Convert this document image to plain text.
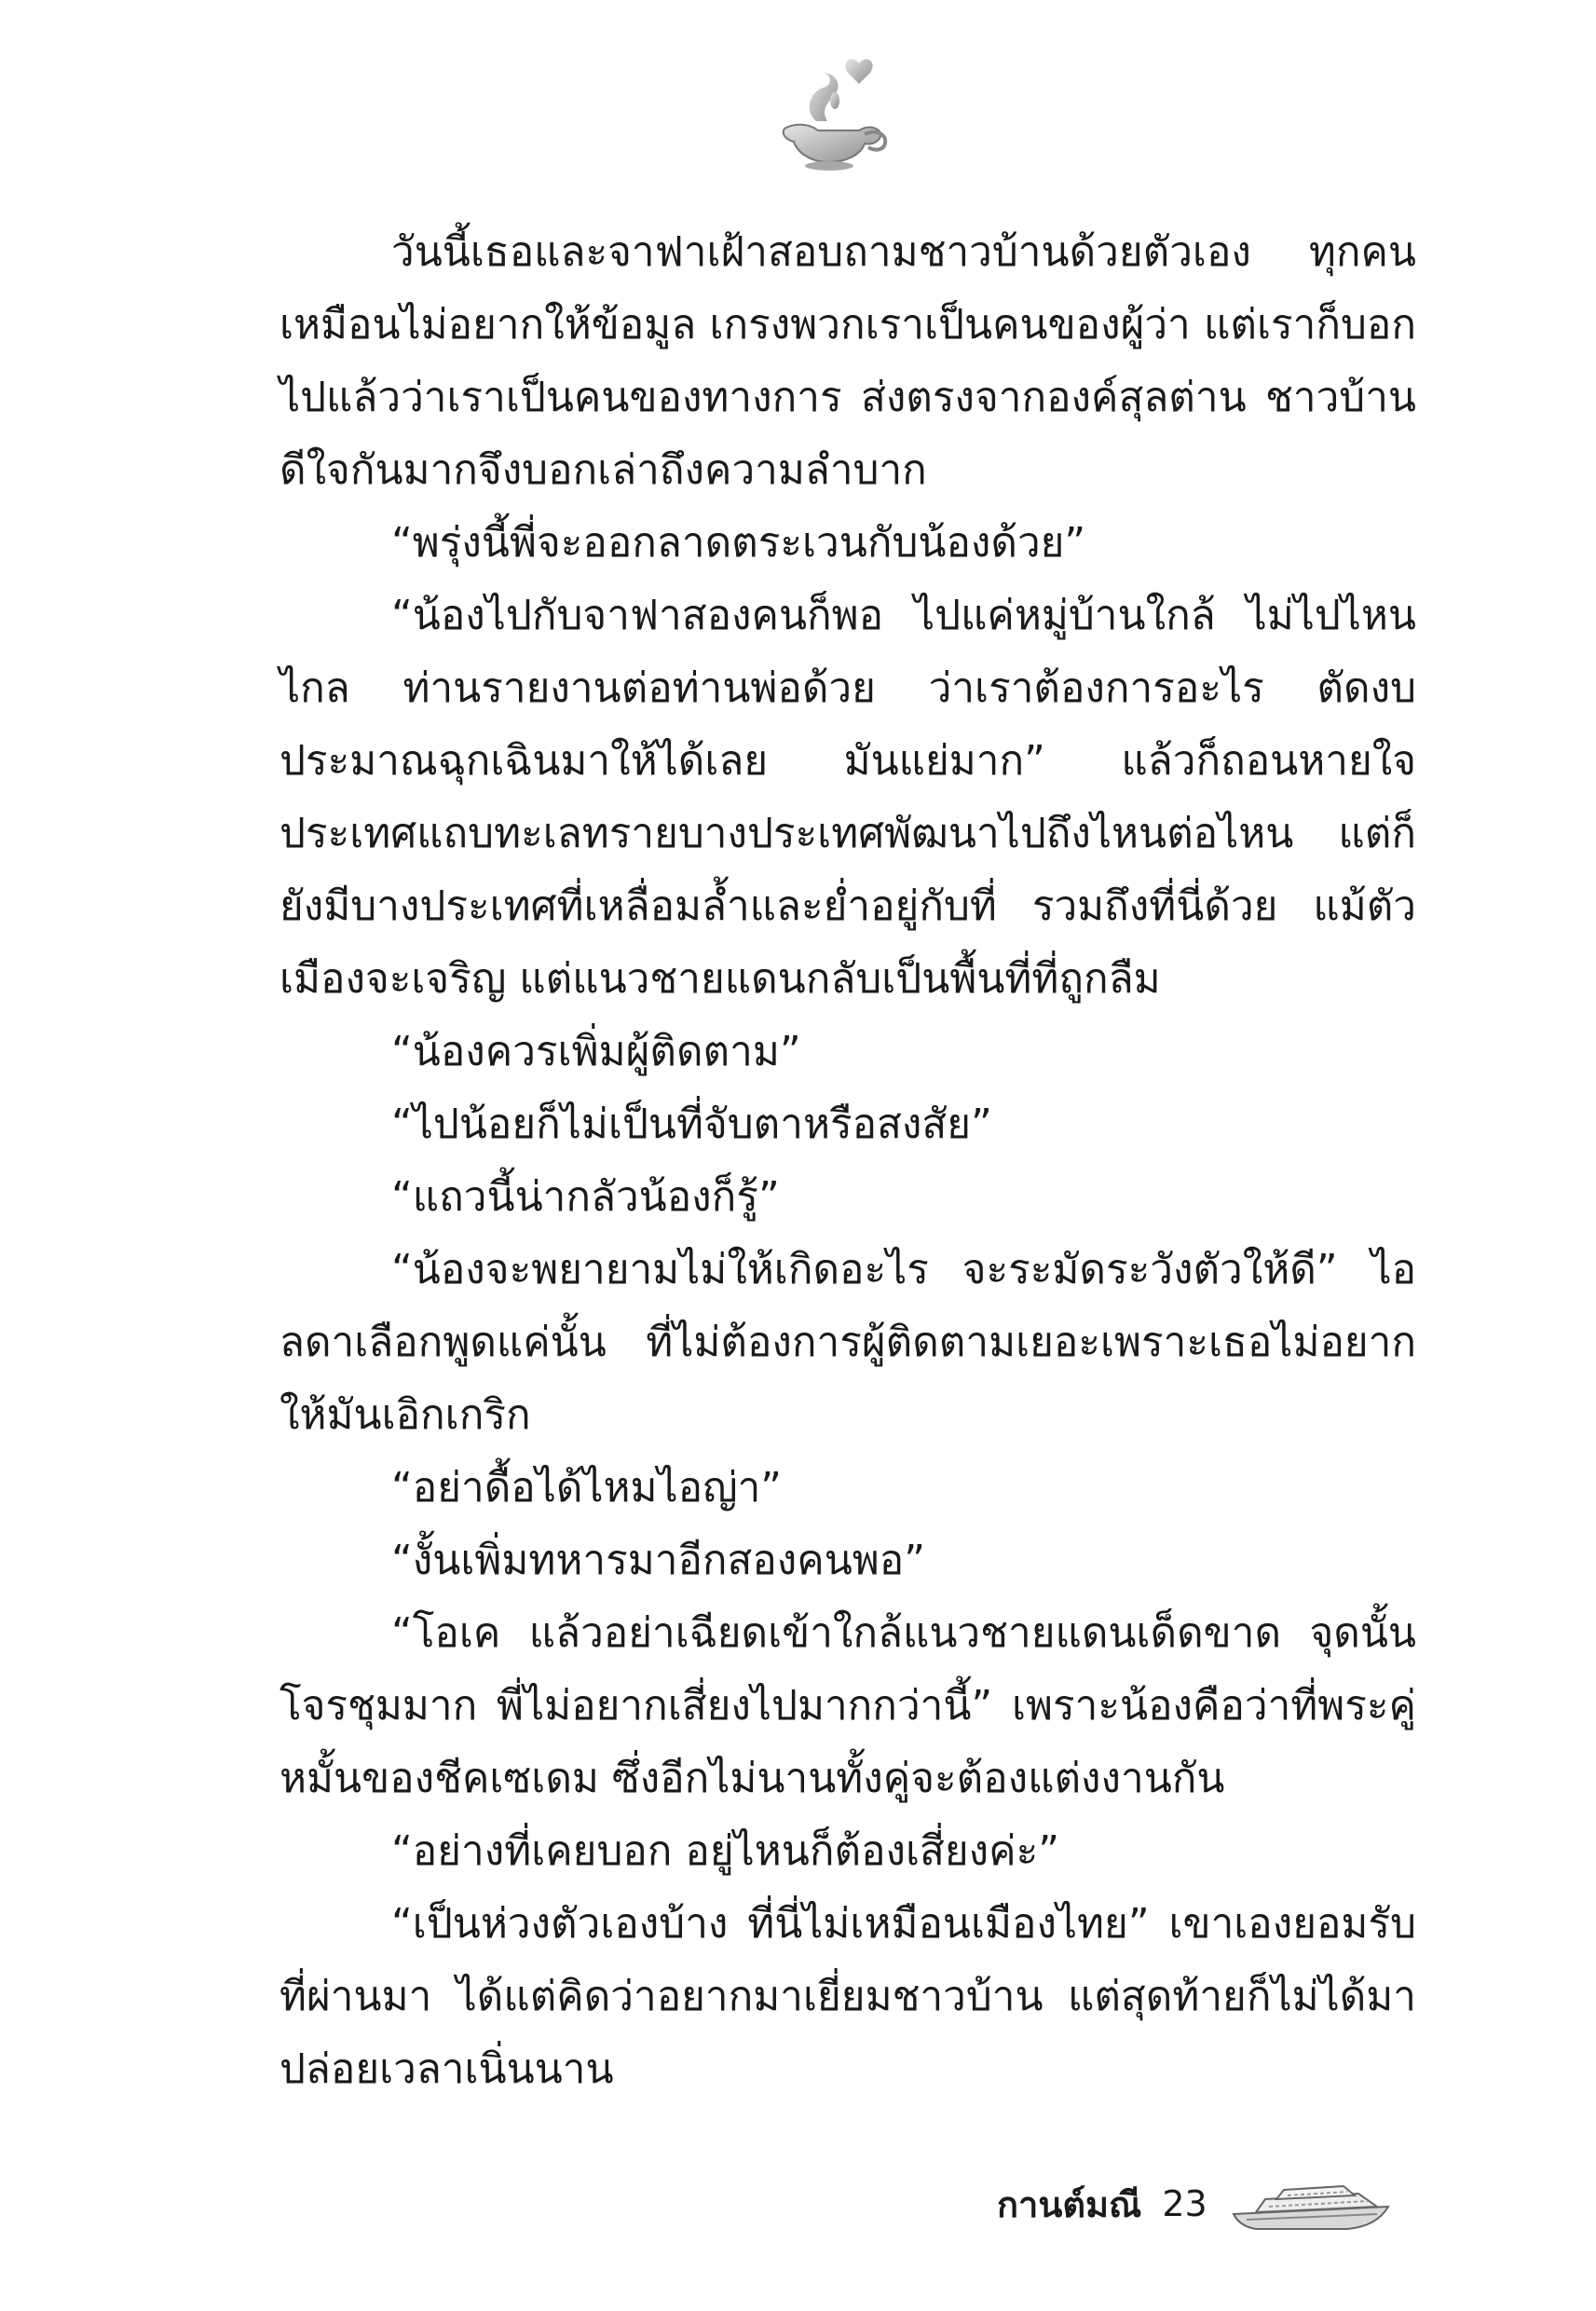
วันนี้เธอและจาฟาเฝ้าสอบถามชาวบ้านด้วยตัวเอง ทุกคนเหมือนไม่อยากให้ข้อมูล เกรงพวกเราเป็นคนของผู้ว่า แต่เราก็บอกไปแล้วว่าเราเป็นคนของทางการ ส่งตรงจากองค์สุลต่าน ชาวบ้านดีใจกันมากจึงบอกเล่าถึงความลำบาก

“พรุ่งนี้พี่จะออกลาดตระเวนกับน้องด้วย”

“น้องไปกับจาฟาสองคนก็พอ ไปแค่หมู่บ้านใกล้ ไม่ไปไหนไกล ท่านรายงานต่อท่านพ่อด้วย ว่าเราต้องการอะไร ตัดงบประมาณฉุกเฉินมาให้ได้เลย มันแย่มาก” แล้วก็ถอนหายใจ ประเทศแถบทะเลทรายบางประเทศพัฒนาไปถึงไหนต่อไหน แต่ก็ยังมีบางประเทศที่เหลื่อมล้ำและย่ำอยู่กับที่ รวมถึงที่นี่ด้วย แม้ตัวเมืองจะเจริญ แต่แนวชายแดนกลับเป็นพื้นที่ที่ถูกลืม

“น้องควรเพิ่มผู้ติดตาม”

“ไปน้อยก็ไม่เป็นที่จับตาหรือสงสัย”

“แถวนี้น่ากลัวน้องก็รู้”

“น้องจะพยายามไม่ให้เกิดอะไร จะระมัดระวังตัวให้ดี” ไอลดาเลือกพูดแค่นั้น ที่ไม่ต้องการผู้ติดตามเยอะเพราะเธอไม่อยากให้มันเอิกเกริก

“อย่าดื้อได้ไหมไอญ่า”

“งั้นเพิ่มทหารมาอีกสองคนพอ”

“โอเค แล้วอย่าเฉียดเข้าใกล้แนวชายแดนเด็ดขาด จุดนั้นโจรชุมมาก พี่ไม่อยากเสี่ยงไปมากกว่านี้” เพราะน้องคือว่าที่พระคู่หมั้นของชีคเซเดม ซึ่งอีกไม่นานทั้งคู่จะต้องแต่งงานกัน

“อย่างที่เคยบอก อยู่ไหนก็ต้องเสี่ยงค่ะ”

“เป็นห่วงตัวเองบ้าง ที่นี่ไม่เหมือนเมืองไทย” เขาเองยอมรับที่ผ่านมา ได้แต่คิดว่าอยากมาเยี่ยมชาวบ้าน แต่สุดท้ายก็ไม่ได้มาปล่อยเวลาเนิ่นนาน

กานต์มณี 23
